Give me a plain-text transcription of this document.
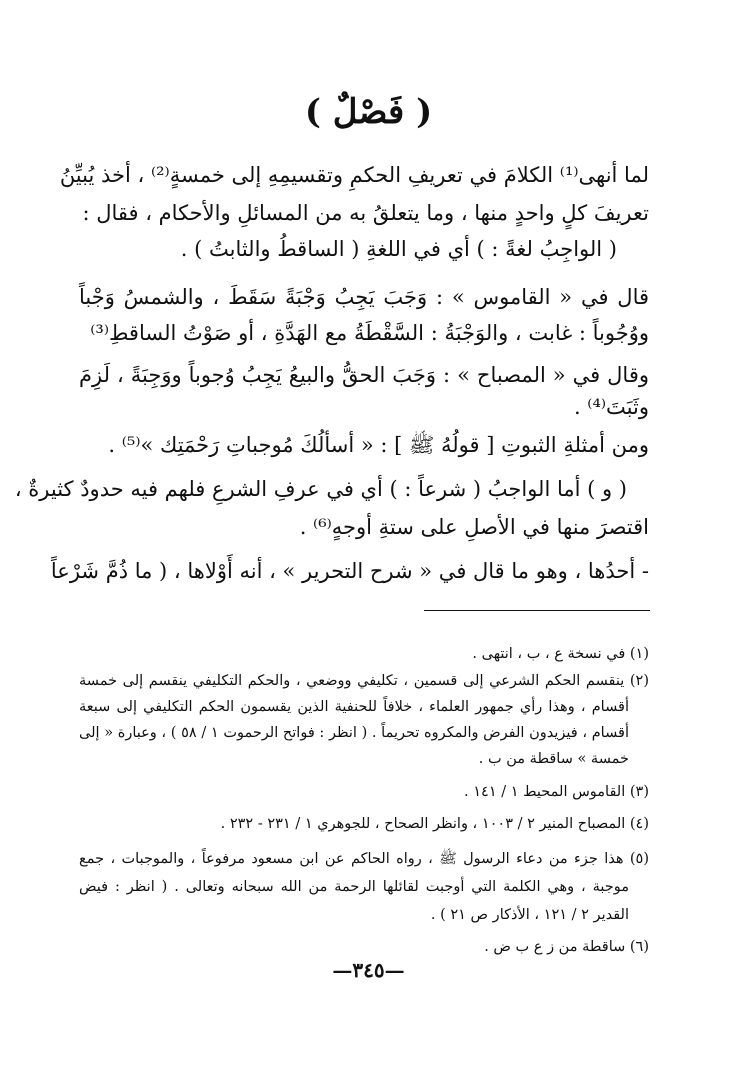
( فَصْلٌ )
لما أنهى⁽¹⁾ الكلامَ في تعريفِ الحكمِ وتقسيمِهِ إلى خمسةٍ⁽²⁾ ، أخذ يُبيِّنُ
تعريفَ كلٍ واحدٍ منها ، وما يتعلقُ به من المسائلِ والأحكام ، فقال :
( الواجِبُ لغةً : ) أي في اللغةِ ( الساقطُ والثابتُ ) .
قال في « القاموس » : وَجَبَ يَجِبُ وَجْبَةً سَقَطَ ، والشمسُ وَجْباً
ووُجُوباً : غابت ، والوَجْبَةُ : السَّقْطَةُ مع الهَدَّةِ ، أو صَوْتُ الساقطِ⁽³⁾
وقال في « المصباح » : وَجَبَ الحقُّ والبيعُ يَجِبُ وُجوباً ووَجِبَةً ، لَزِمَ
وثَبَتَ⁽⁴⁾ .
ومن أمثلةِ الثبوتِ [ قولُهُ ﷺ ] : « أسألُكَ مُوجباتِ رَحْمَتِك »⁽⁵⁾ .
( و ) أما الواجبُ ( شرعاً : ) أي في عرفِ الشرعِ فلهم فيه حدودٌ كثيرةٌ ،
اقتصرَ منها في الأصلِ على ستةِ أوجهٍ⁽⁶⁾ .
- أحدُها ، وهو ما قال في « شرح التحرير » ، أنه أَوْلاها ، ( ما ذُمَّ شَرْعاً
(١) في نسخة ع ، ب ، انتهى .
(٢) ينقسم الحكم الشرعي إلى قسمين ، تكليفي ووضعي ، والحكم التكليفي ينقسم إلى خمسة
أقسام ، وهذا رأي جمهور العلماء ، خلافاً للحنفية الذين يقسمون الحكم التكليفي إلى سبعة
أقسام ، فيزيدون الفرض والمكروه تحريماً . ( انظر : فواتح الرحموت ١ / ٥٨ ) ، وعبارة « إلى
خمسة » ساقطة من ب .
(٣) القاموس المحيط ١ / ١٤١ .
(٤) المصباح المنير ٢ / ١٠٠٣ ، وانظر الصحاح ، للجوهري ١ / ٢٣١ - ٢٣٢ .
(٥) هذا جزء من دعاء الرسول ﷺ ، رواه الحاكم عن ابن مسعود مرفوعاً ، والموجبات ، جمع
موجبة ، وهي الكلمة التي أوجبت لقائلها الرحمة من الله سبحانه وتعالى . ( انظر : فيض
القدير ٢ / ١٢١ ، الأذكار ص ٢١ ) .
(٦) ساقطة من ز ع ب ض .
—٣٤٥—
